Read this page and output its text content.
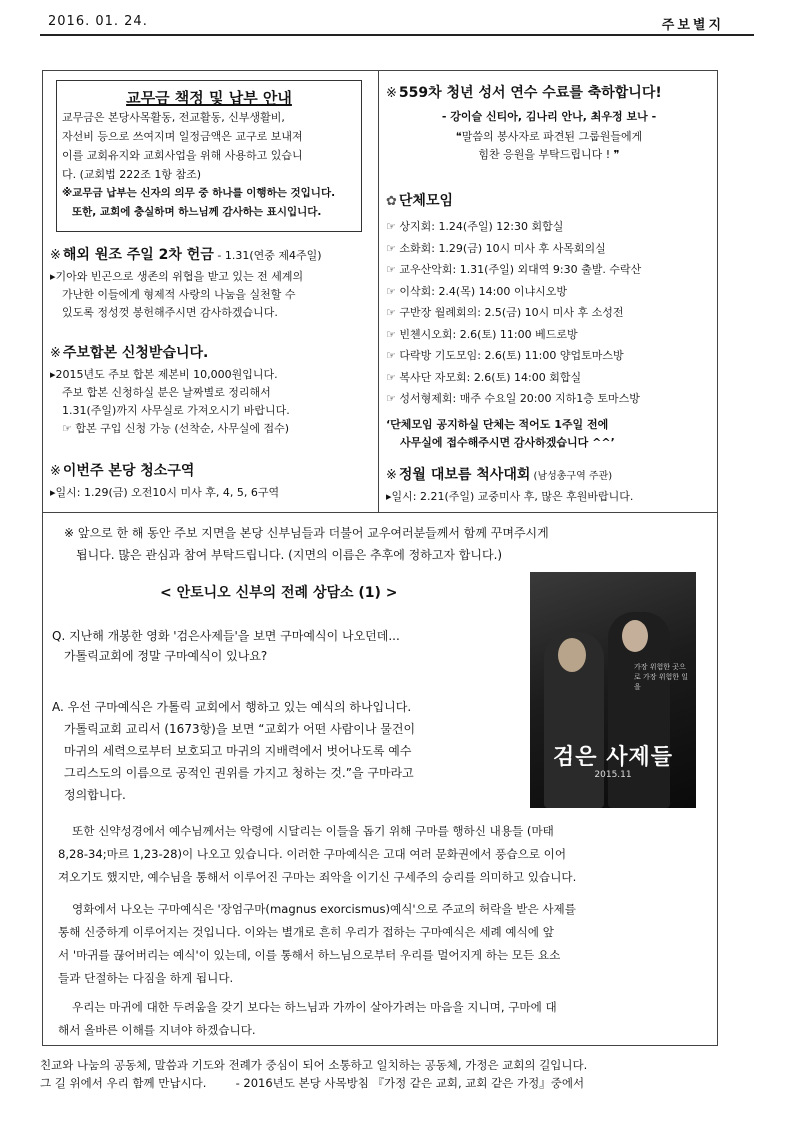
2016. 01. 24.	주보별지
교무금 책정 및 납부 안내
교무금은 본당사목활동, 전교활동, 신부생활비,
자선비 등으로 쓰여지며 일정금액은 교구로 보내져
이를 교회유지와 교회사업을 위해 사용하고 있습니
다. (교회법 222조 1항 참조)
※교무금 납부는 신자의 의무 중 하나를 이행하는 것입니다.
또한, 교회에 충실하며 하느님께 감사하는 표시입니다.
※ 해외 원조 주일 2차 헌금 - 1.31(연중 제4주일)
▸기아와 빈곤으로 생존의 위협을 받고 있는 전 세계의
가난한 이들에게 형제적 사랑의 나눔을 실천할 수
있도록 정성껏 봉헌해주시면 감사하겠습니다.
※ 주보합본 신청받습니다.
▸2015년도 주보 합본 제본비 10,000원입니다.
주보 합본 신청하실 분은 날짜별로 정리해서
1.31(주일)까지 사무실로 가져오시기 바랍니다.
☞ 합본 구입 신청 가능 (선착순, 사무실에 접수)
※ 이번주 본당 청소구역
▸일시: 1.29(금) 오전10시 미사 후, 4, 5, 6구역
※ 559차 청년 성서 연수 수료를 축하합니다!
- 강이슬 신티아, 김나리 안나, 최우정 보나 -
❝말씀의 봉사자로 파견된 그룹원들에게
힘찬 응원을 부탁드립니다 ! ❞
✿ 단체모임
☞ 상지회: 1.24(주일) 12:30 회합실
☞ 소화회: 1.29(금) 10시 미사 후 사목회의실
☞ 교우산악회: 1.31(주일) 외대역 9:30 출발. 수락산
☞ 이삭회: 2.4(목) 14:00 이냐시오방
☞ 구반장 월례회의: 2.5(금) 10시 미사 후 소성전
☞ 빈첸시오회: 2.6(토) 11:00 베드로방
☞ 다락방 기도모임: 2.6(토) 11:00 양업토마스방
☞ 복사단 자모회: 2.6(토) 14:00 회합실
☞ 성서형제회: 매주 수요일 20:00 지하1층 토마스방
‘단체모임 공지하실 단체는 적어도 1주일 전에
사무실에 접수해주시면 감사하겠습니다 ^^’
※ 정월 대보름 척사대회 (남성총구역 주관)
▸일시: 2.21(주일) 교중미사 후, 많은 후원바랍니다.
※ 앞으로 한 해 동안 주보 지면을 본당 신부님들과 더불어 교우여러분들께서 함께 꾸며주시게
됩니다. 많은 관심과 참여 부탁드립니다. (지면의 이름은 추후에 정하고자 합니다.)
< 안토니오 신부의 전례 상담소 (1) >
Q. 지난해 개봉한 영화 '검은사제들'을 보면 구마예식이 나오던데...
가톨릭교회에 정말 구마예식이 있나요?
A. 우선 구마예식은 가톨릭 교회에서 행하고 있는 예식의 하나입니다.
가톨릭교회 교리서 (1673항)을 보면 “교회가 어떤 사람이나 물건이
마귀의 세력으로부터 보호되고 마귀의 지배력에서 벗어나도록 예수
그리스도의 이름으로 공적인 권위를 가지고 청하는 것.”을 구마라고
정의합니다.
가장 위험한 곳으로 가장 위험한 일을
검은 사제들
2015.11
또한 신약성경에서 예수님께서는 악령에 시달리는 이들을 돕기 위해 구마를 행하신 내용들 (마태
8,28-34;마르 1,23-28)이 나오고 있습니다. 이러한 구마예식은 고대 여러 문화권에서 풍습으로 이어
져오기도 했지만, 예수님을 통해서 이루어진 구마는 죄악을 이기신 구세주의 승리를 의미하고 있습니다.
영화에서 나오는 구마예식은 '장엄구마(magnus exorcismus)예식'으로 주교의 허락을 받은 사제를
통해 신중하게 이루어지는 것입니다. 이와는 별개로 흔히 우리가 접하는 구마예식은 세례 예식에 앞
서 '마귀를 끊어버리는 예식'이 있는데, 이를 통해서 하느님으로부터 우리를 멀어지게 하는 모든 요소
들과 단절하는 다짐을 하게 됩니다.
우리는 마귀에 대한 두려움을 갖기 보다는 하느님과 가까이 살아가려는 마음을 지니며, 구마에 대
해서 올바른 이해를 지녀야 하겠습니다.
친교와 나눔의 공동체, 말씀과 기도와 전례가 중심이 되어 소통하고 일치하는 공동체, 가정은 교회의 길입니다.
그 길 위에서 우리 함께 만납시다.        - 2016년도 본당 사목방침 『가정 같은 교회, 교회 같은 가정』중에서
